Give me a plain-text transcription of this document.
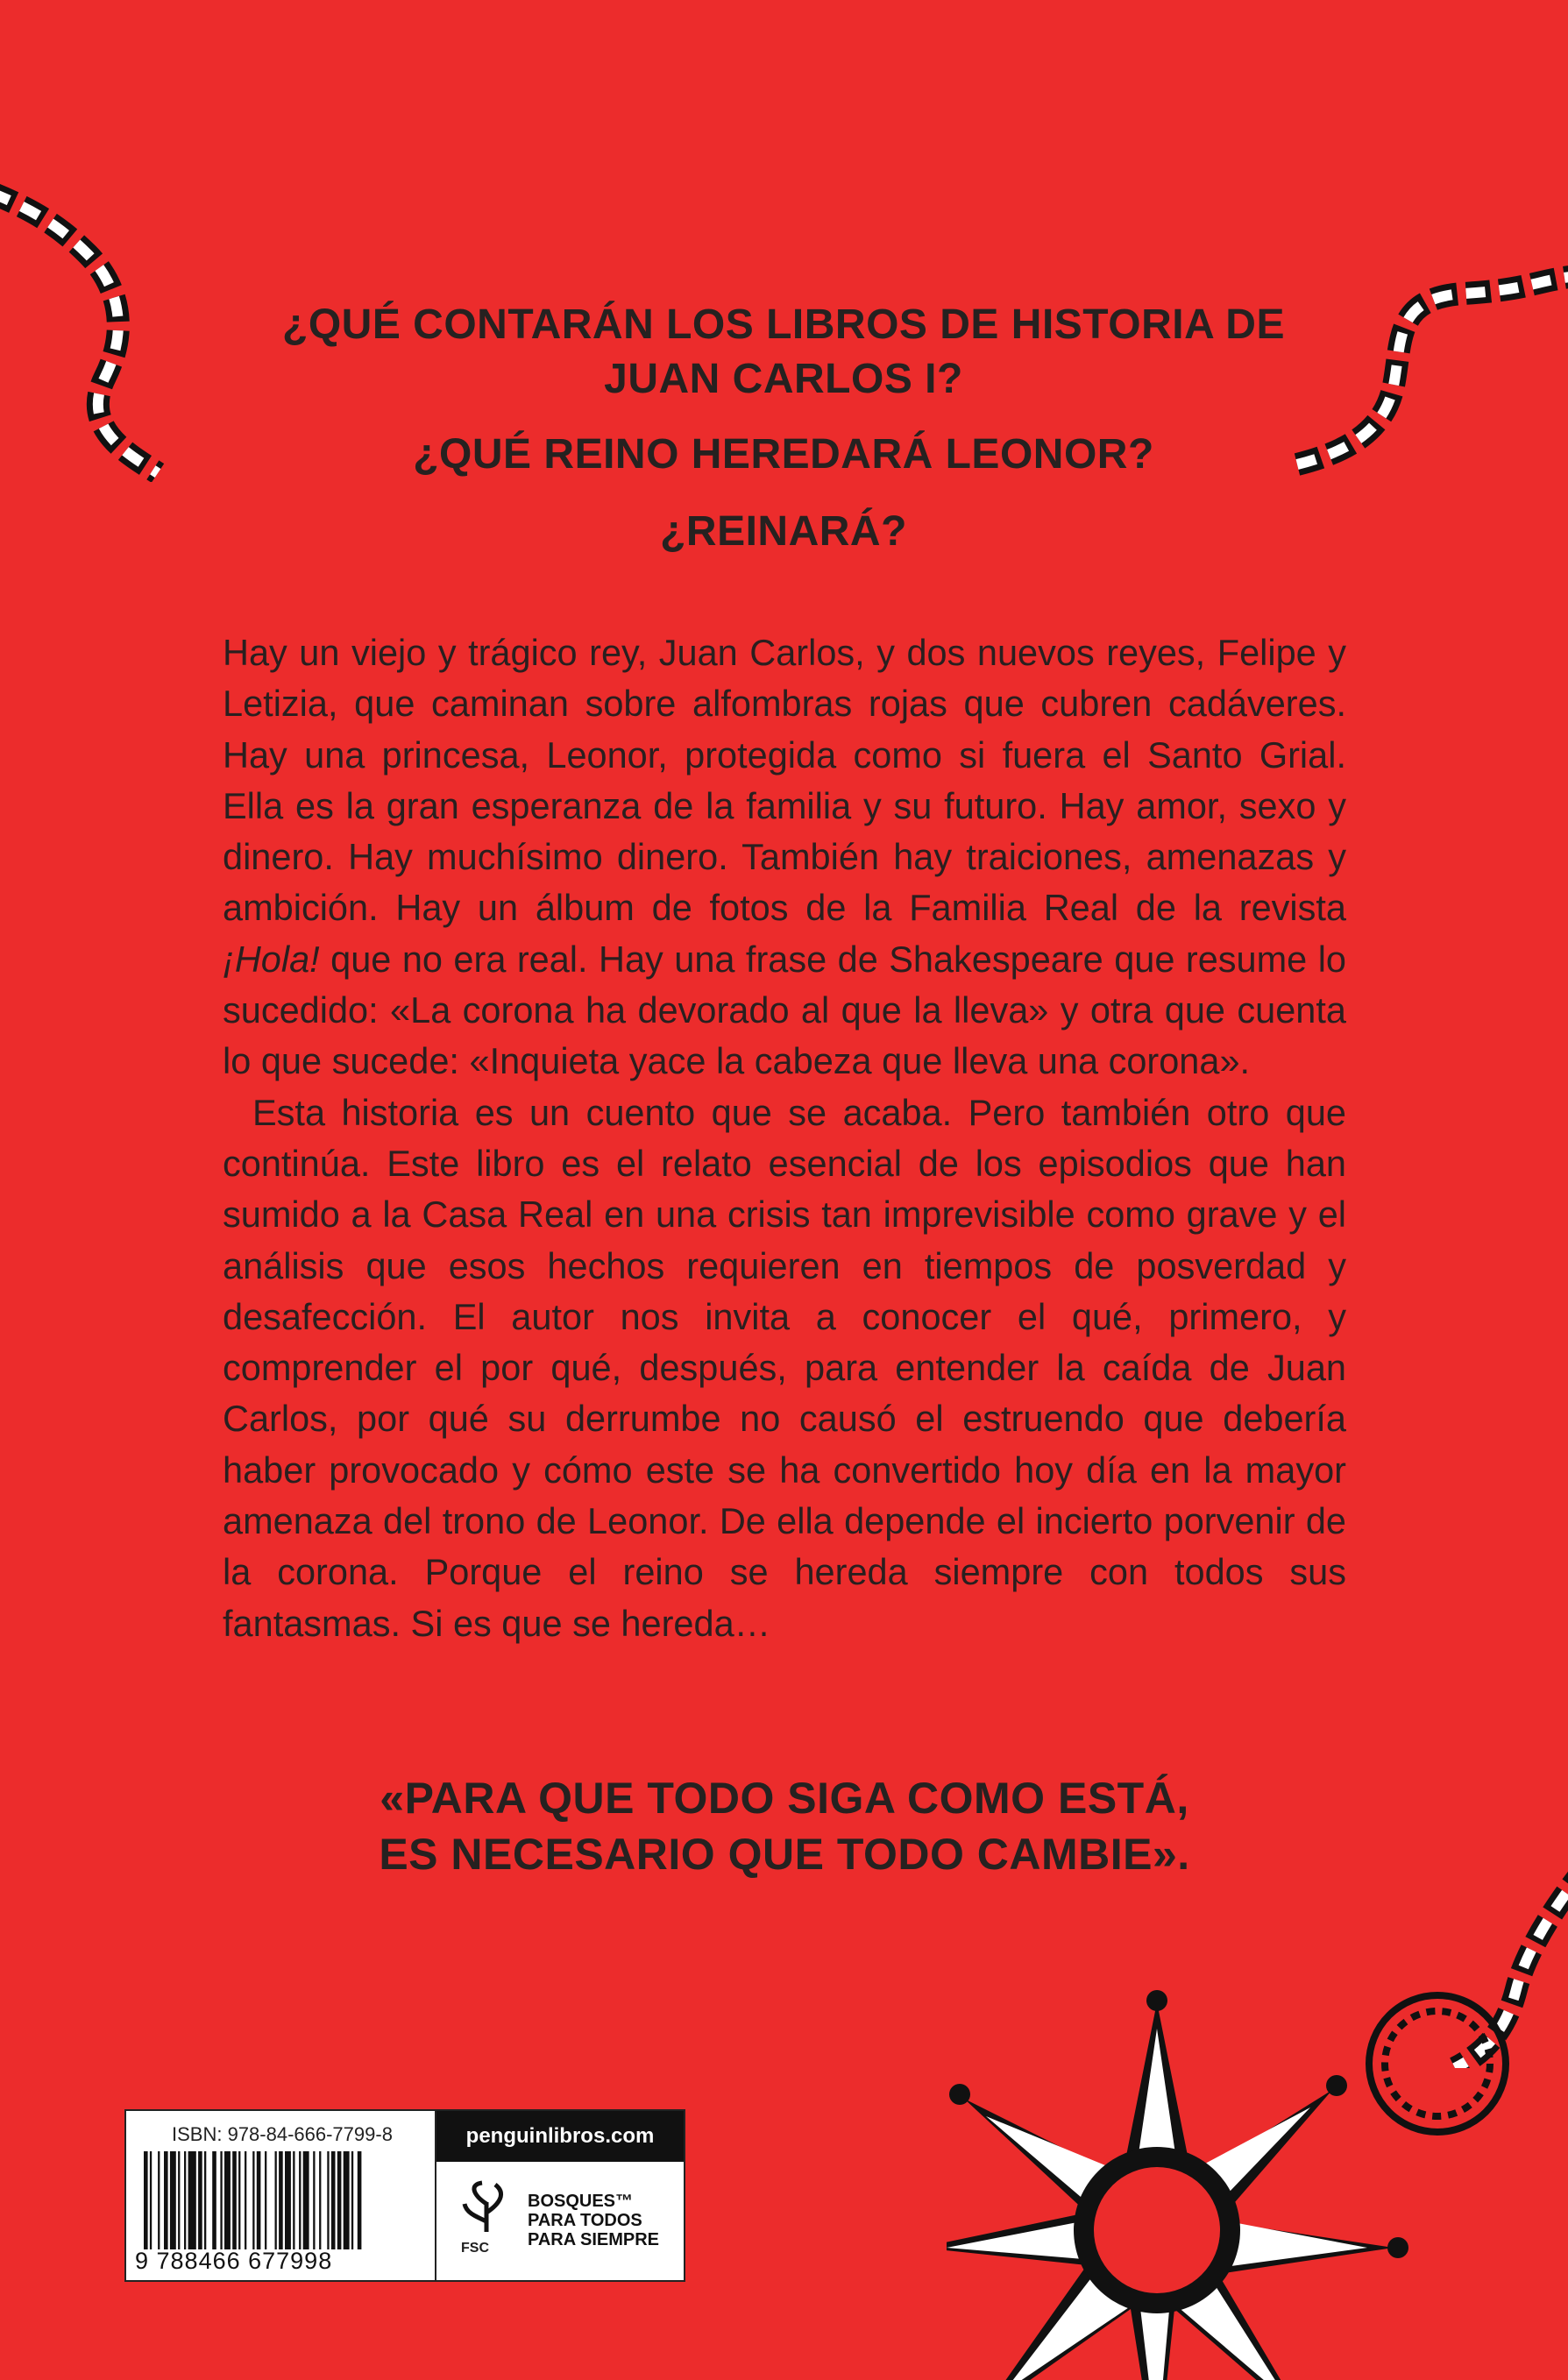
¿QUÉ CONTARÁN LOS LIBROS DE HISTORIA DE JUAN CARLOS I?
¿QUÉ REINO HEREDARÁ LEONOR?
¿REINARÁ?

Hay un viejo y trágico rey, Juan Carlos, y dos nuevos reyes, Felipe y Letizia, que caminan sobre alfombras rojas que cubren cadáveres. Hay una princesa, Leonor, protegida como si fuera el Santo Grial. Ella es la gran esperanza de la familia y su futuro. Hay amor, sexo y dinero. Hay muchísimo dinero. También hay traiciones, amenazas y ambición. Hay un álbum de fotos de la Familia Real de la revista ¡Hola! que no era real. Hay una frase de Shakespeare que resume lo sucedido: «La corona ha devorado al que la lleva» y otra que cuenta lo que sucede: «Inquieta yace la cabeza que lleva una corona».

Esta historia es un cuento que se acaba. Pero también otro que continúa. Este libro es el relato esencial de los episodios que han sumido a la Casa Real en una crisis tan imprevisible como grave y el análisis que esos hechos requieren en tiempos de posverdad y desafección. El autor nos invita a conocer el qué, primero, y comprender el por qué, después, para entender la caída de Juan Carlos, por qué su derrumbe no causó el estruendo que debería haber provocado y cómo este se ha convertido hoy día en la mayor amenaza del trono de Leonor. De ella depende el incierto porvenir de la corona. Porque el reino se hereda siempre con todos sus fantasmas. Si es que se hereda…

«PARA QUE TODO SIGA COMO ESTÁ,
ES NECESARIO QUE TODO CAMBIE».
ISBN: 978-84-666-7799-8
9 788466 677998
penguinlibros.com
FSC
BOSQUES™
PARA TODOS
PARA SIEMPRE
